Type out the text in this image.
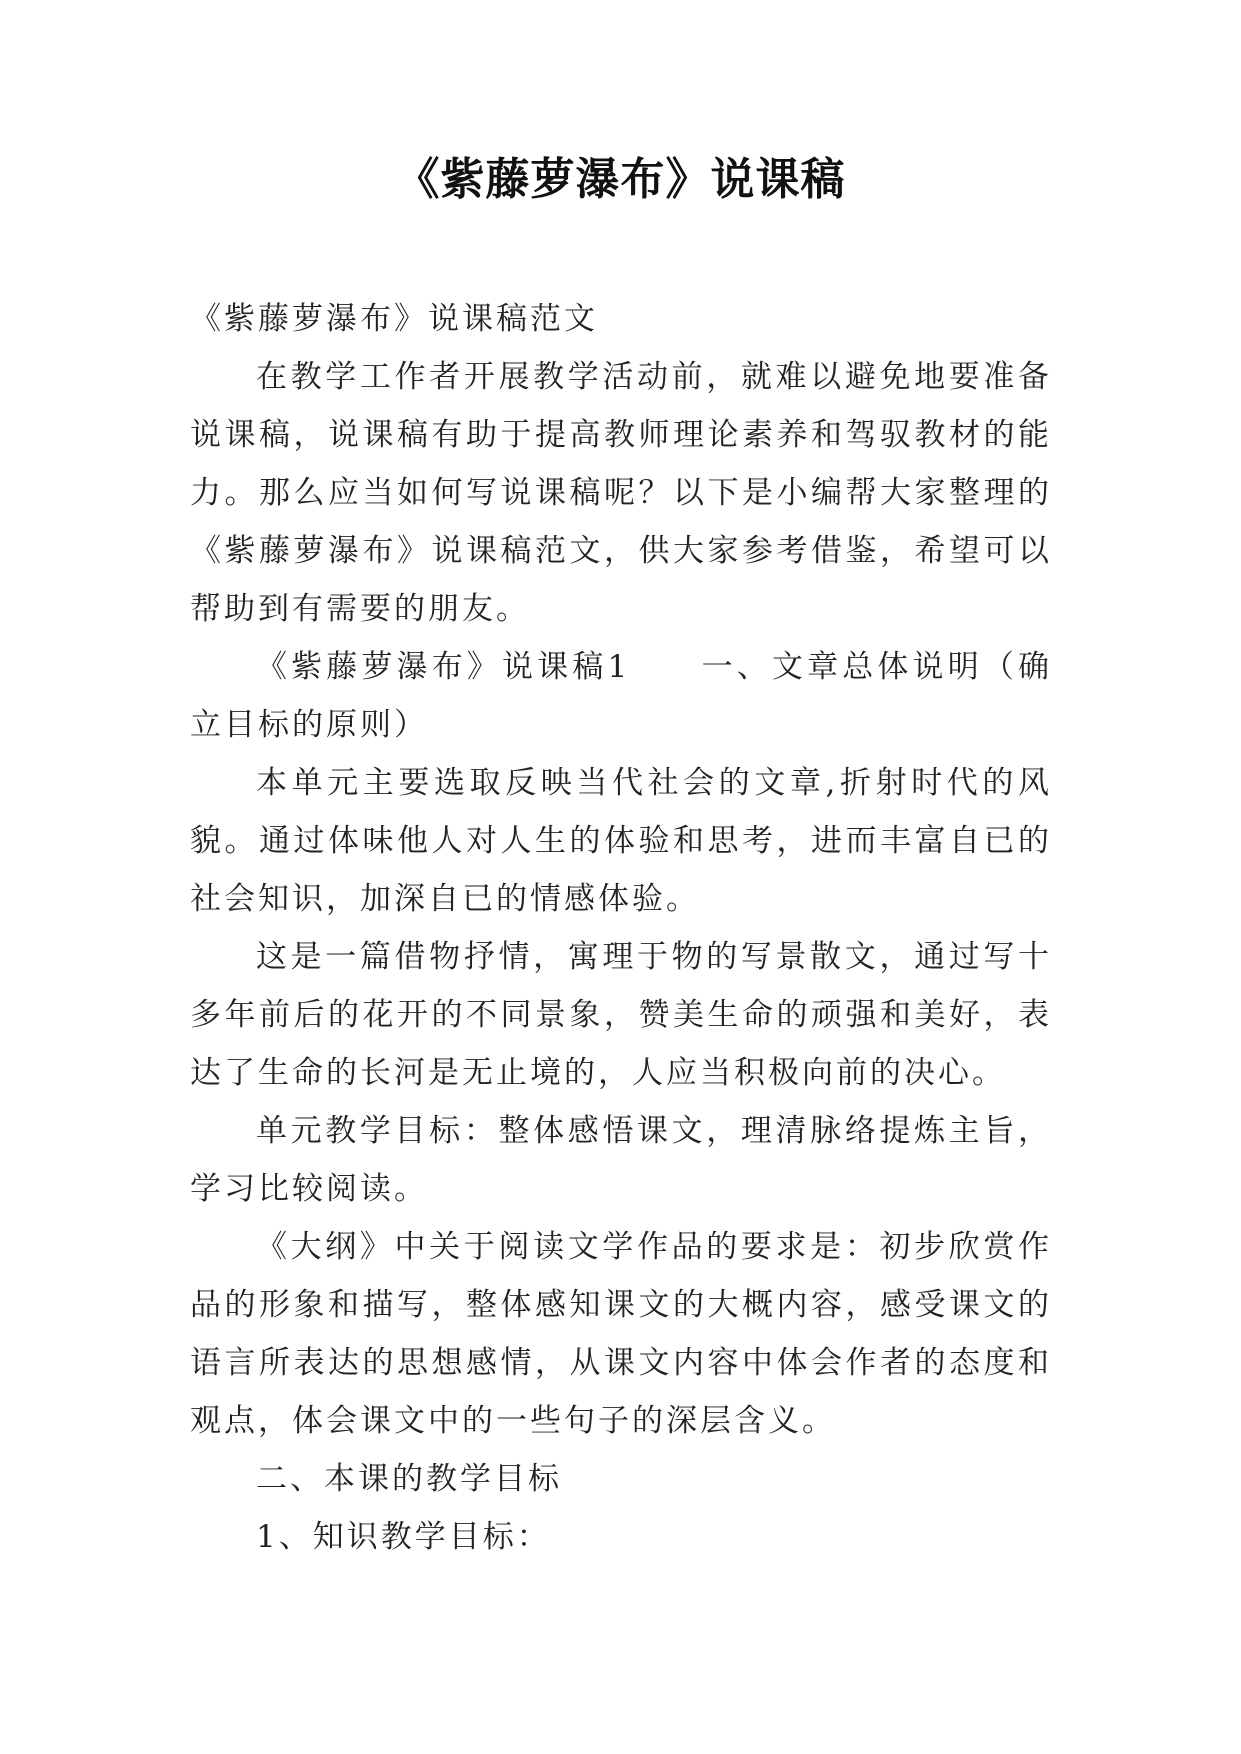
《紫藤萝瀑布》说课稿

《紫藤萝瀑布》说课稿范文

在教学工作者开展教学活动前，就难以避免地要准备说课稿，说课稿有助于提高教师理论素养和驾驭教材的能力。那么应当如何写说课稿呢？以下是小编帮大家整理的《紫藤萝瀑布》说课稿范文，供大家参考借鉴，希望可以帮助到有需要的朋友。

《紫藤萝瀑布》说课稿1　　一、文章总体说明（确立目标的原则）

本单元主要选取反映当代社会的文章,折射时代的风貌。通过体味他人对人生的体验和思考，进而丰富自已的社会知识，加深自已的情感体验。

这是一篇借物抒情，寓理于物的写景散文，通过写十多年前后的花开的不同景象，赞美生命的顽强和美好，表达了生命的长河是无止境的，人应当积极向前的决心。

单元教学目标：整体感悟课文，理清脉络提炼主旨，学习比较阅读。

《大纲》中关于阅读文学作品的要求是：初步欣赏作品的形象和描写，整体感知课文的大概内容，感受课文的语言所表达的思想感情，从课文内容中体会作者的态度和观点，体会课文中的一些句子的深层含义。

二、本课的教学目标

1、知识教学目标：
